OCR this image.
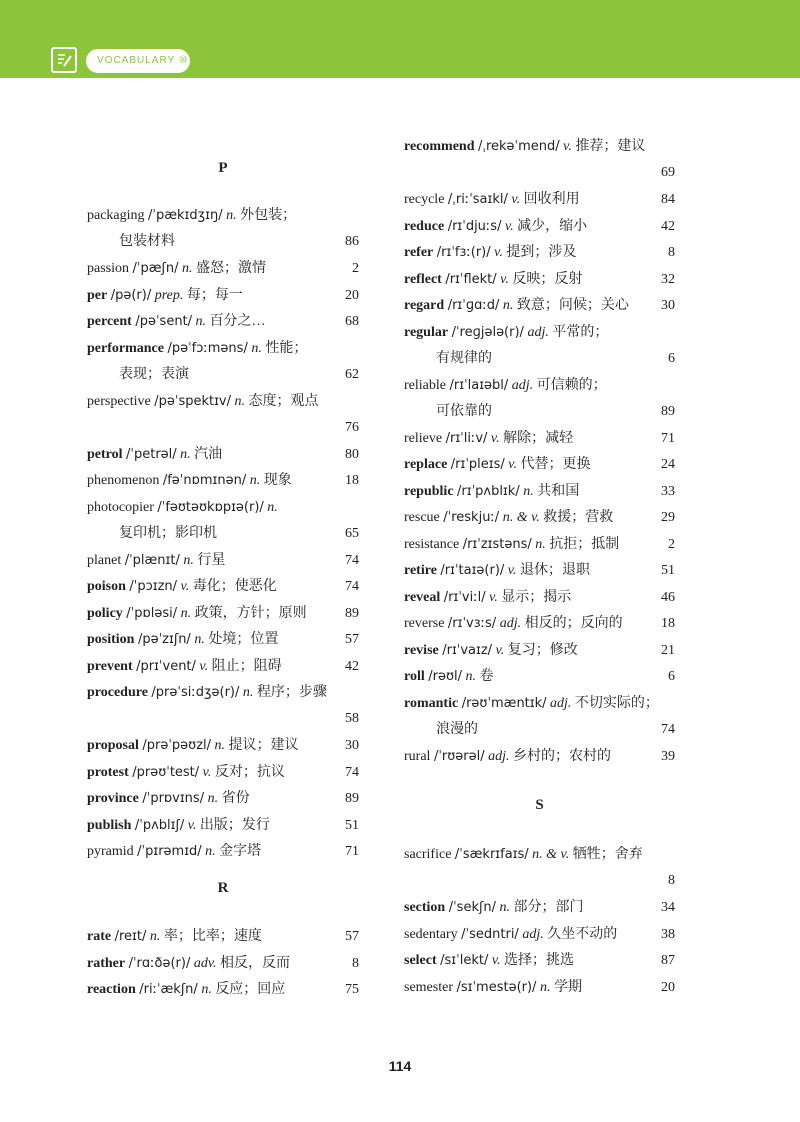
VOCABULARY ⑩
P
packaging /ˈpækɪdʒɪŋ/ n. 外包装；
包装材料	86
passion /ˈpæʃn/ n. 盛怒；激情	2
per /pə(r)/ prep. 每；每一	20
percent /pəˈsent/ n. 百分之…	68
performance /pəˈfɔːməns/ n. 性能；
表现；表演	62
perspective /pəˈspektɪv/ n. 态度；观点
76
petrol /ˈpetrəl/ n. 汽油	80
phenomenon /fəˈnɒmɪnən/ n. 现象	18
photocopier /ˈfəʊtəʊkɒpɪə(r)/ n.
复印机；影印机	65
planet /ˈplænɪt/ n. 行星	74
poison /ˈpɔɪzn/ v. 毒化；使恶化	74
policy /ˈpɒləsi/ n. 政策，方针；原则	89
position /pəˈzɪʃn/ n. 处境；位置	57
prevent /prɪˈvent/ v. 阻止；阻碍	42
procedure /prəˈsiːdʒə(r)/ n. 程序；步骤
58
proposal /prəˈpəʊzl/ n. 提议；建议	30
protest /prəʊˈtest/ v. 反对；抗议	74
province /ˈprɒvɪns/ n. 省份	89
publish /ˈpʌblɪʃ/ v. 出版；发行	51
pyramid /ˈpɪrəmɪd/ n. 金字塔	71
R
rate /reɪt/ n. 率；比率；速度	57
rather /ˈrɑːðə(r)/ adv. 相反，反而	8
reaction /riːˈækʃn/ n. 反应；回应	75
recommend /ˌrekəˈmend/ v. 推荐；建议
69
recycle /ˌriːˈsaɪkl/ v. 回收利用	84
reduce /rɪˈdjuːs/ v. 减少，缩小	42
refer /rɪˈfɜː(r)/ v. 提到；涉及	8
reflect /rɪˈflekt/ v. 反映；反射	32
regard /rɪˈɡɑːd/ n. 致意；问候；关心	30
regular /ˈreɡjələ(r)/ adj. 平常的；
有规律的	6
reliable /rɪˈlaɪəbl/ adj. 可信赖的；
可依靠的	89
relieve /rɪˈliːv/ v. 解除；减轻	71
replace /rɪˈpleɪs/ v. 代替；更换	24
republic /rɪˈpʌblɪk/ n. 共和国	33
rescue /ˈreskjuː/ n. & v. 救援；营救	29
resistance /rɪˈzɪstəns/ n. 抗拒；抵制	2
retire /rɪˈtaɪə(r)/ v. 退休；退职	51
reveal /rɪˈviːl/ v. 显示；揭示	46
reverse /rɪˈvɜːs/ adj. 相反的；反向的	18
revise /rɪˈvaɪz/ v. 复习；修改	21
roll /rəʊl/ n. 卷	6
romantic /rəʊˈmæntɪk/ adj. 不切实际的；
浪漫的	74
rural /ˈrʊərəl/ adj. 乡村的；农村的	39
S
sacrifice /ˈsækrɪfaɪs/ n. & v. 牺牲；舍弃
8
section /ˈsekʃn/ n. 部分；部门	34
sedentary /ˈsedntri/ adj. 久坐不动的	38
select /sɪˈlekt/ v. 选择；挑选	87
semester /sɪˈmestə(r)/ n. 学期	20
114
